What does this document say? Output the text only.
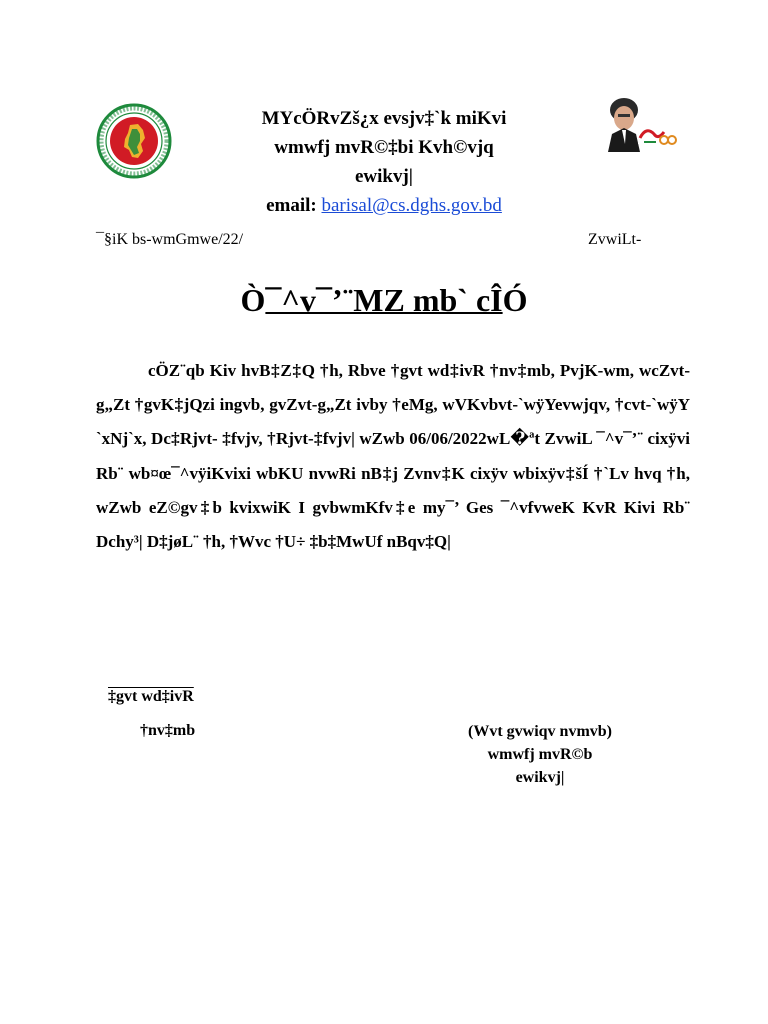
MYcÖRvZš¿x evsjv‡`k miKvi
wmwfj mvR©‡bi Kvh©vjq
ewikvj|
email: barisal@cs.dghs.gov.bd
¯§iK bs-wmGmwe/22/	ZvwiLt-
Ò¯^v¯’¨MZ mb` cÎÓ
cÖZ¨qb Kiv hvB‡Z‡Q †h, Rbve †gvt wd‡ivR †nv‡mb, PvjK-wm, wcZvt-g„Zt †gvK‡jQzi ingvb, gvZvt-g„Zt ivby †eMg, wVKvbvt-`wÿYevwjqv, †cvt-`wÿY `xNj`x, Dc‡Rjvt- ‡fvjv, †Rjvt-‡fvjv| wZwb 06/06/2022wL�ªt ZvwiL ¯^v¯’¨ cixÿvi Rb¨ wb¤œ¯^vÿiKvixi wbKU nvwRi nB‡j Zvnv‡K cixÿv wbixÿv‡šÍ †`Lv hvq †h, wZwb eZ©gv‡b kvixwiK I gvbwmKfv‡e my¯’ Ges ¯^vfvweK KvR Kivi Rb¨ Dchy³| D‡jøL¨ †h, †Wvc †U÷ ‡b‡MwUf nBqv‡Q|
‡gvt wd‡ivR
†nv‡mb	(Wvt gvwiqv nvmvb)
wmwfj mvR©b
ewikvj|
